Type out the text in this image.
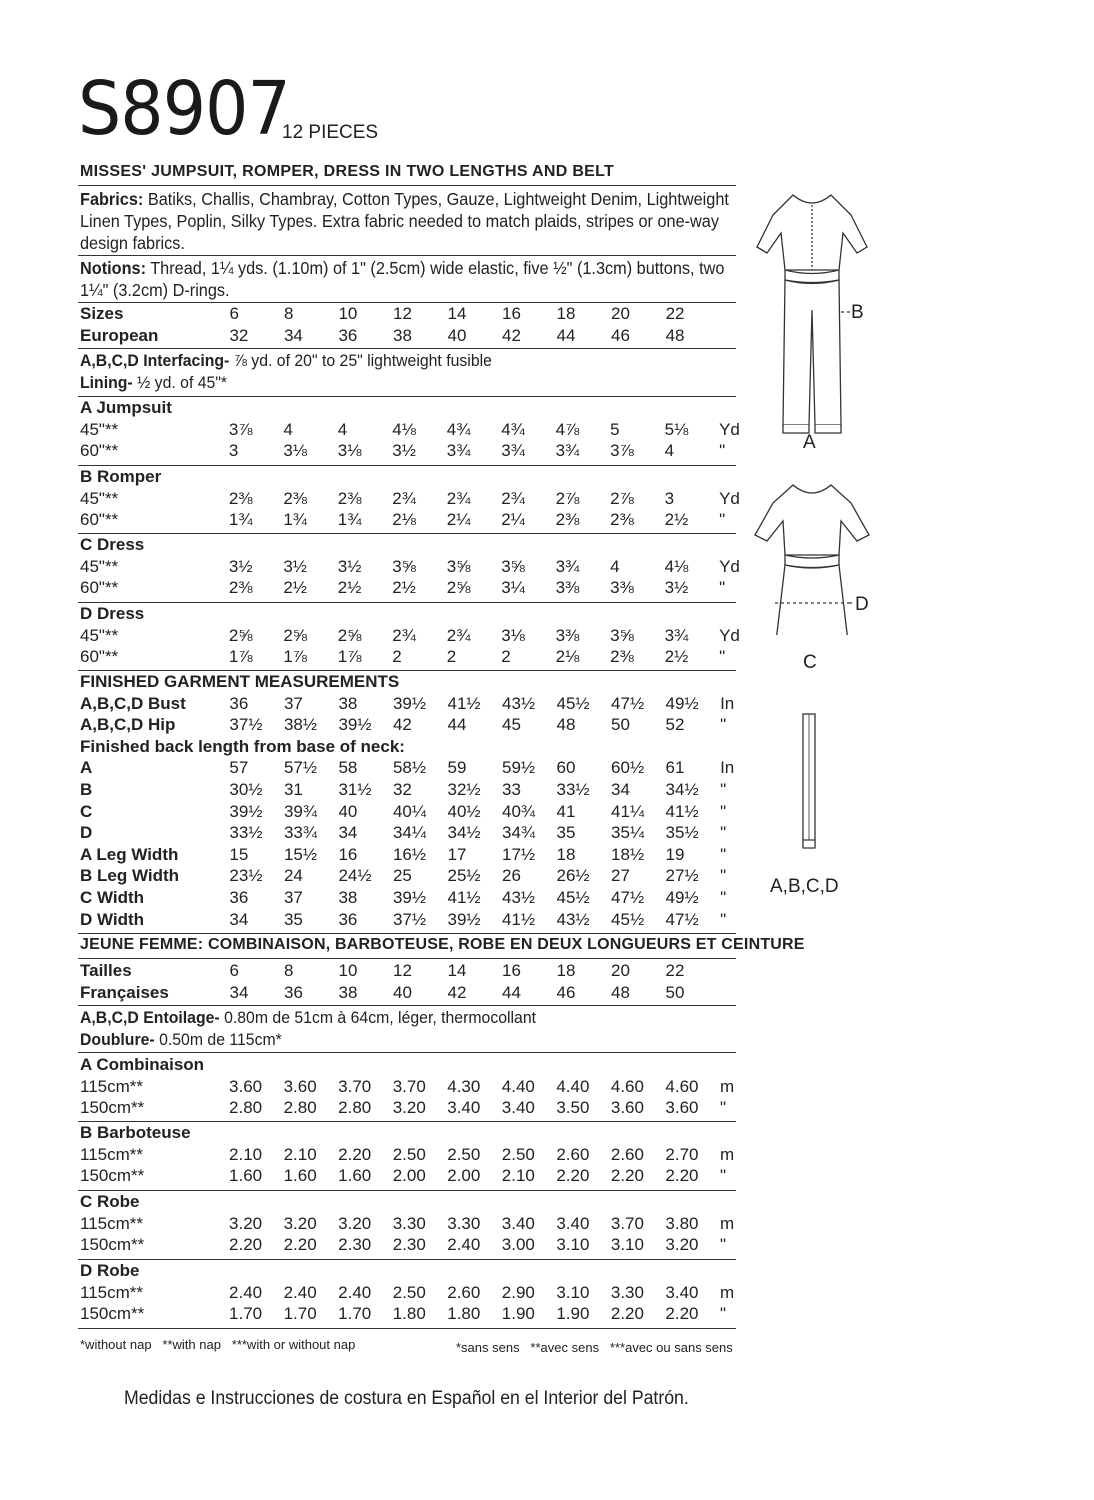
S8907
12 PIECES
MISSES' JUMPSUIT, ROMPER, DRESS IN TWO LENGTHS AND BELT
Fabrics: Batiks, Challis, Chambray, Cotton Types, Gauze, Lightweight Denim, Lightweight
Linen Types, Poplin, Silky Types. Extra fabric needed to match plaids, stripes or one-way
design fabrics.
Notions: Thread, 1¼ yds. (1.10m) of 1" (2.5cm) wide elastic, five ½" (1.3cm) buttons, two
1¼" (3.2cm) D-rings.
Sizes	6	8	10	12	14	16	18	20	22	
European	32	34	36	38	40	42	44	46	48	
A,B,C,D Interfacing- ⅞ yd. of 20" to 25" lightweight fusible
Lining- ½ yd. of 45"*
A Jumpsuit										
45"**	3⅞	4	4	4⅛	4¾	4¾	4⅞	5	5⅛	Yd
60"**	3	3⅛	3⅛	3½	3¾	3¾	3¾	3⅞	4	"
B Romper										
45"**	2⅜	2⅜	2⅜	2¾	2¾	2¾	2⅞	2⅞	3	Yd
60"**	1¾	1¾	1¾	2⅛	2¼	2¼	2⅜	2⅜	2½	"
C Dress										
45"**	3½	3½	3½	3⅝	3⅝	3⅝	3¾	4	4⅛	Yd
60"**	2⅜	2½	2½	2½	2⅝	3¼	3⅜	3⅜	3½	"
D Dress										
45"**	2⅝	2⅝	2⅝	2¾	2¾	3⅛	3⅜	3⅝	3¾	Yd
60"**	1⅞	1⅞	1⅞	2	2	2	2⅛	2⅜	2½	"
FINISHED GARMENT MEASUREMENTS										
A,B,C,D Bust	36	37	38	39½	41½	43½	45½	47½	49½	In
A,B,C,D Hip	37½	38½	39½	42	44	45	48	50	52	"
Finished back length from base of neck:										
A	57	57½	58	58½	59	59½	60	60½	61	In
B	30½	31	31½	32	32½	33	33½	34	34½	"
C	39½	39¾	40	40¼	40½	40¾	41	41¼	41½	"
D	33½	33¾	34	34¼	34½	34¾	35	35¼	35½	"
A Leg Width	15	15½	16	16½	17	17½	18	18½	19	"
B Leg Width	23½	24	24½	25	25½	26	26½	27	27½	"
C Width	36	37	38	39½	41½	43½	45½	47½	49½	"
D Width	34	35	36	37½	39½	41½	43½	45½	47½	"
JEUNE FEMME: COMBINAISON, BARBOTEUSE, ROBE EN DEUX LONGUEURS ET CEINTURE
Tailles	6	8	10	12	14	16	18	20	22	
Françaises	34	36	38	40	42	44	46	48	50	
A,B,C,D Entoilage- 0.80m de 51cm à 64cm, léger, thermocollant
Doublure- 0.50m de 115cm*
A Combinaison										
115cm**	3.60	3.60	3.70	3.70	4.30	4.40	4.40	4.60	4.60	m
150cm**	2.80	2.80	2.80	3.20	3.40	3.40	3.50	3.60	3.60	"
B Barboteuse										
115cm**	2.10	2.10	2.20	2.50	2.50	2.50	2.60	2.60	2.70	m
150cm**	1.60	1.60	1.60	2.00	2.00	2.10	2.20	2.20	2.20	"
C Robe										
115cm**	3.20	3.20	3.20	3.30	3.30	3.40	3.40	3.70	3.80	m
150cm**	2.20	2.20	2.30	2.30	2.40	3.00	3.10	3.10	3.20	"
D Robe										
115cm**	2.40	2.40	2.40	2.50	2.60	2.90	3.10	3.30	3.40	m
150cm**	1.70	1.70	1.70	1.80	1.80	1.90	1.90	2.20	2.20	"
*without nap   **with nap   ***with or without nap	*sans sens   **avec sens   ***avec ou sans sens
Medidas e Instrucciones de costura en Español en el Interior del Patrón.
B
A
D
C
A,B,C,D
